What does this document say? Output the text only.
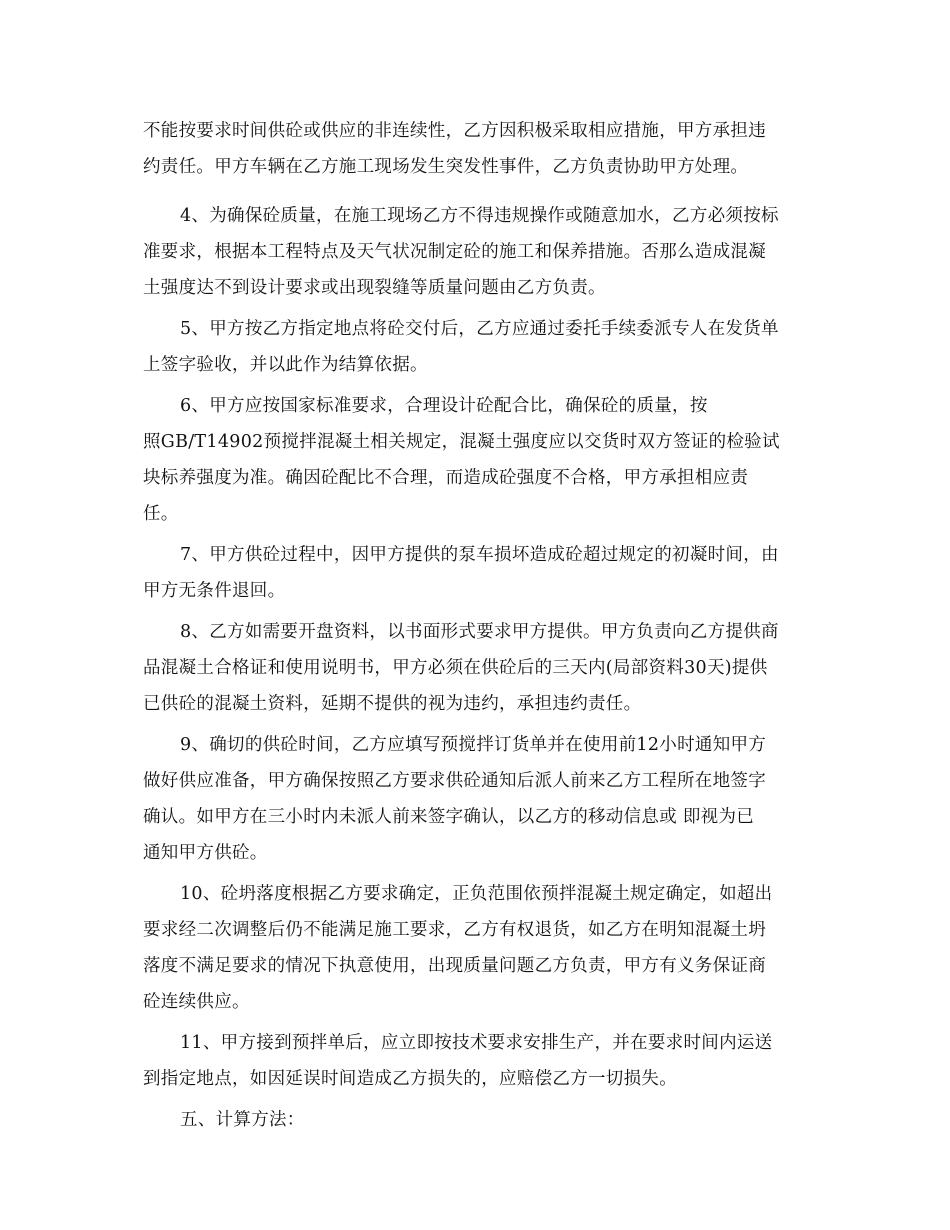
不能按要求时间供砼或供应的非连续性，乙方因积极采取相应措施，甲方承担违
约责任。甲方车辆在乙方施工现场发生突发性事件，乙方负责协助甲方处理。
4、为确保砼质量，在施工现场乙方不得违规操作或随意加水，乙方必须按标
准要求，根据本工程特点及天气状况制定砼的施工和保养措施。否那么造成混凝
土强度达不到设计要求或出现裂缝等质量问题由乙方负责。
5、甲方按乙方指定地点将砼交付后，乙方应通过委托手续委派专人在发货单
上签字验收，并以此作为结算依据。
6、甲方应按国家标准要求，合理设计砼配合比，确保砼的质量，按
照GB/T14902预搅拌混凝土相关规定，混凝土强度应以交货时双方签证的检验试
块标养强度为准。确因砼配比不合理，而造成砼强度不合格，甲方承担相应责
任。
7、甲方供砼过程中，因甲方提供的泵车损坏造成砼超过规定的初凝时间，由
甲方无条件退回。
8、乙方如需要开盘资料，以书面形式要求甲方提供。甲方负责向乙方提供商
品混凝土合格证和使用说明书，甲方必须在供砼后的三天内(局部资料30天)提供
已供砼的混凝土资料，延期不提供的视为违约，承担违约责任。
9、确切的供砼时间，乙方应填写预搅拌订货单并在使用前12小时通知甲方
做好供应准备，甲方确保按照乙方要求供砼通知后派人前来乙方工程所在地签字
确认。如甲方在三小时内未派人前来签字确认，以乙方的移动信息或 即视为已
通知甲方供砼。
10、砼坍落度根据乙方要求确定，正负范围依预拌混凝土规定确定，如超出
要求经二次调整后仍不能满足施工要求，乙方有权退货，如乙方在明知混凝土坍
落度不满足要求的情况下执意使用，出现质量问题乙方负责，甲方有义务保证商
砼连续供应。
11、甲方接到预拌单后，应立即按技术要求安排生产，并在要求时间内运送
到指定地点，如因延误时间造成乙方损失的，应赔偿乙方一切损失。
五、计算方法：
